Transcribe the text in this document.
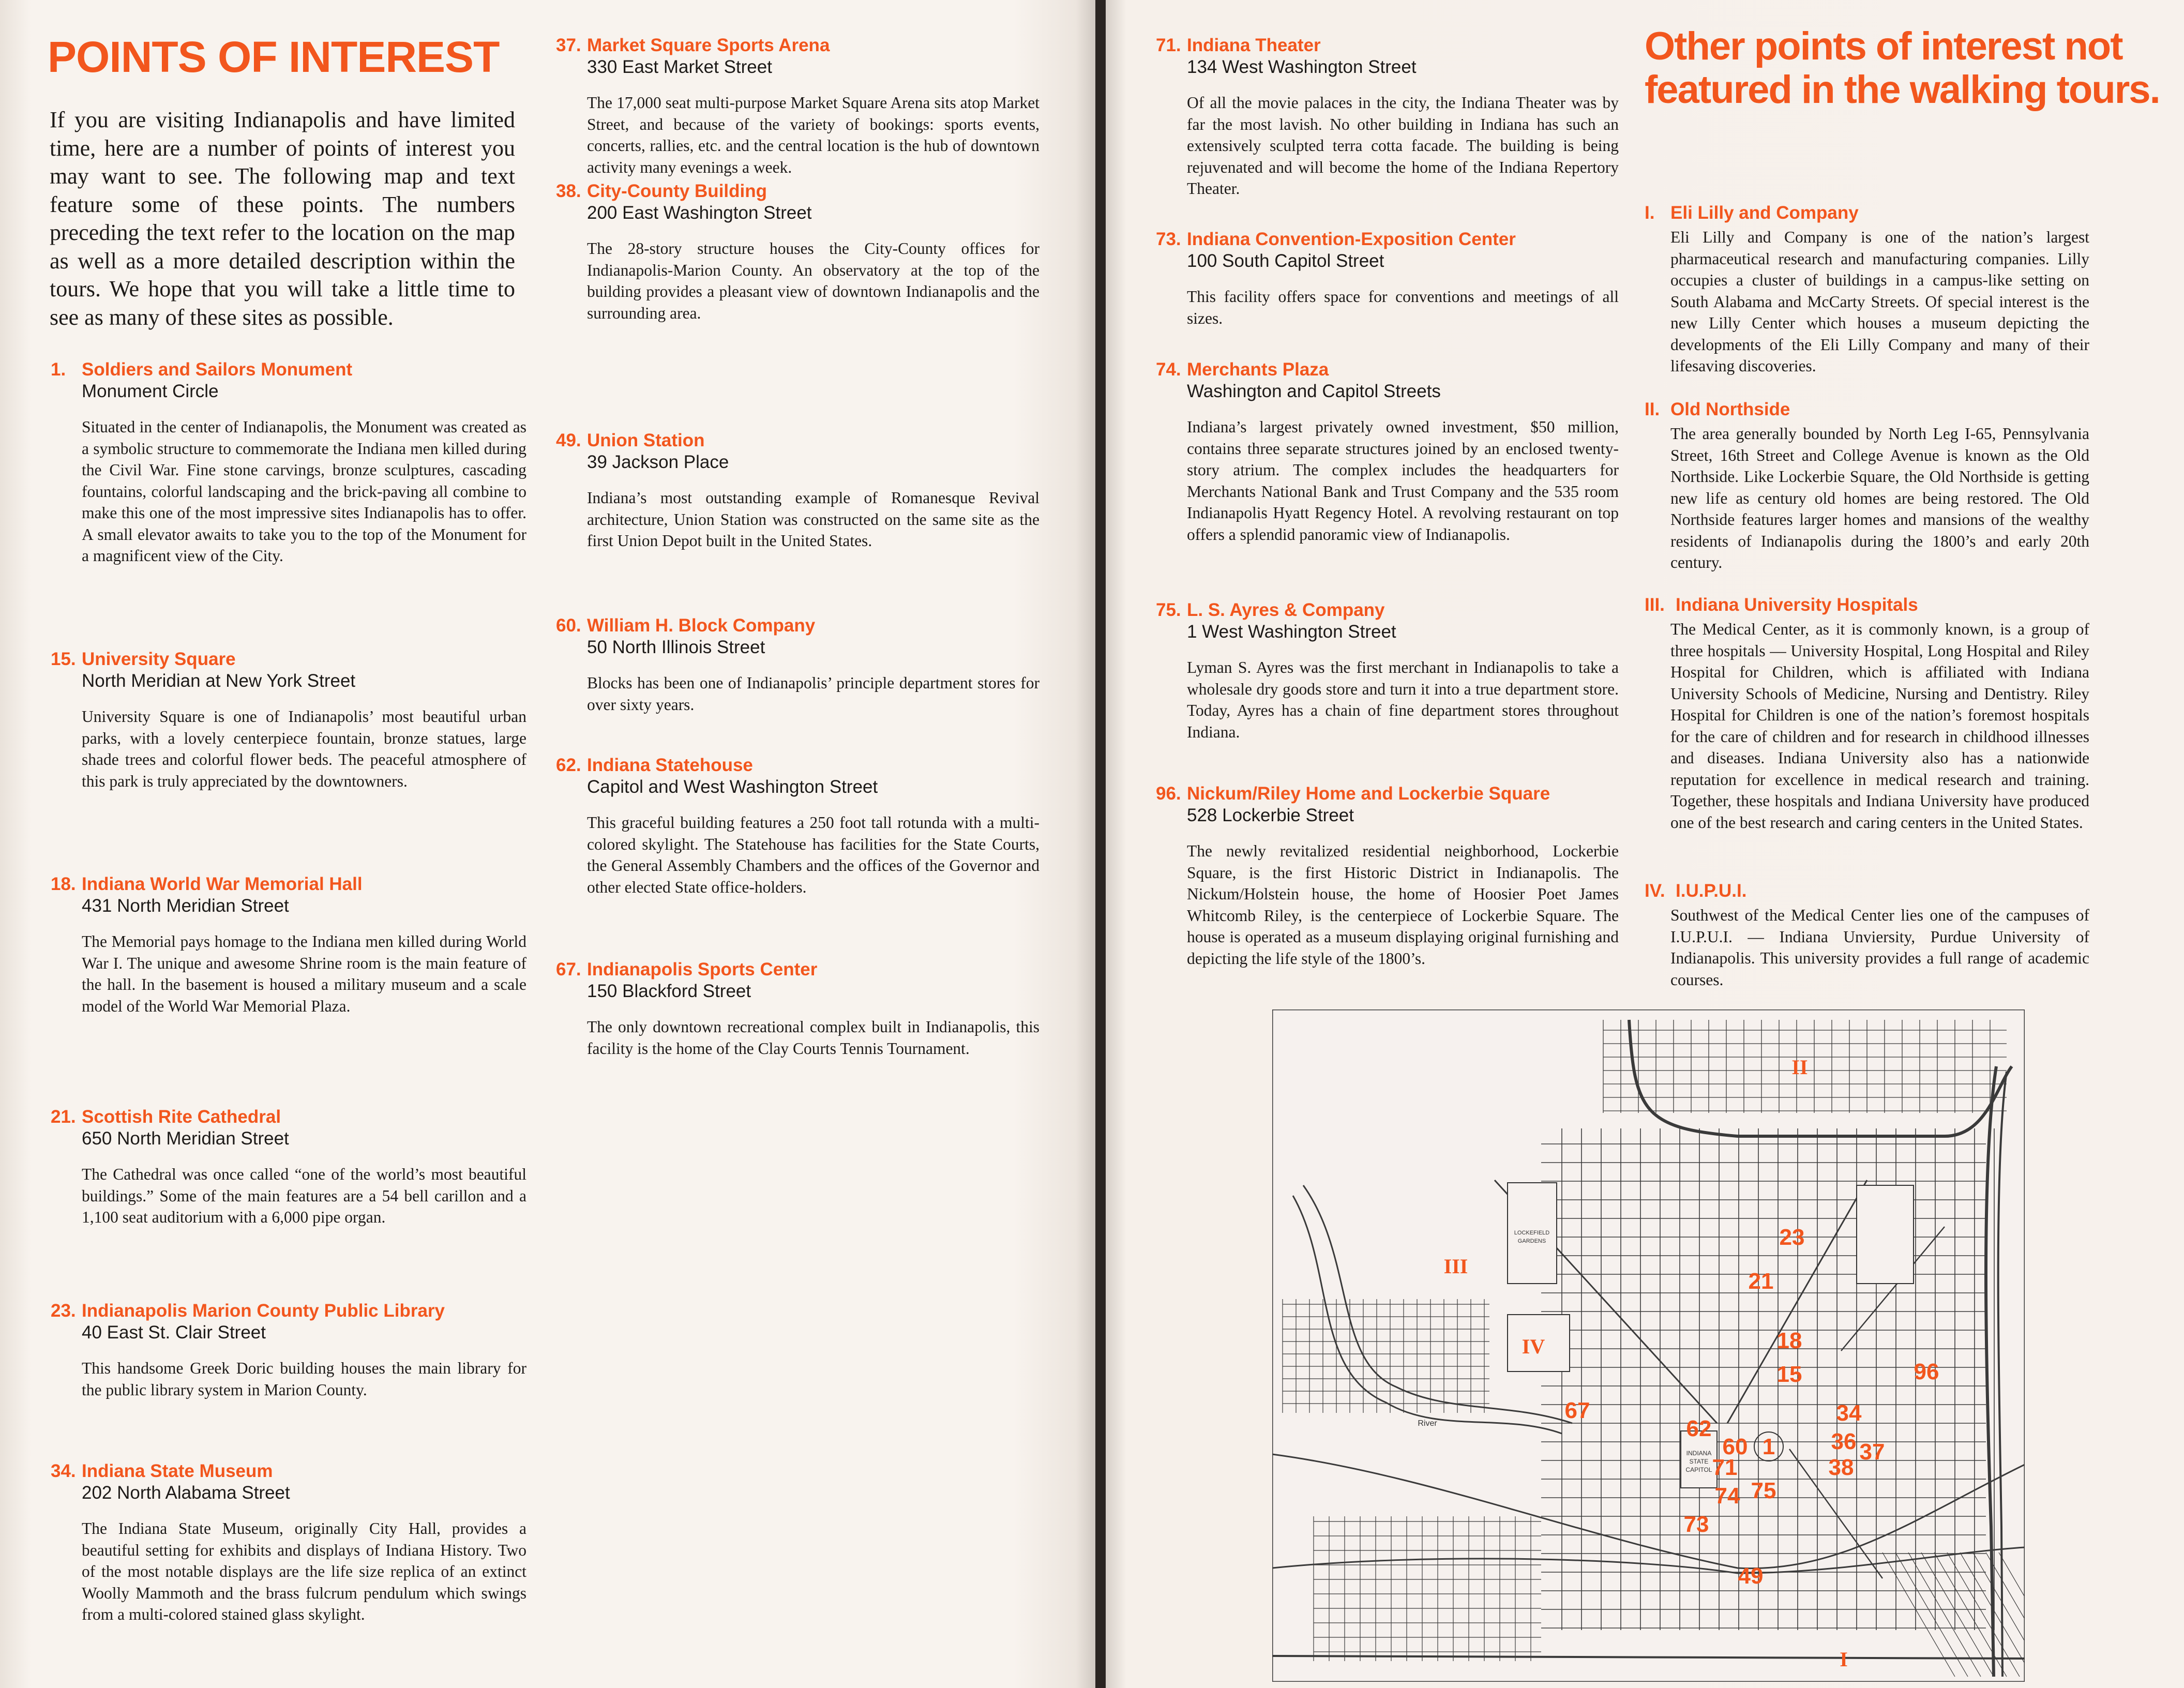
POINTS OF INTEREST
If you are visiting Indianapolis and have limited time, here are a number of points of interest you may want to see. The following map and text feature some of these points. The numbers preceding the text refer to the location on the map as well as a more detailed description within the tours. We hope that you will take a little time to see as many of these sites as possible.
Other points of interest not featured in the walking tours.
1. Soldiers and Sailors Monument
Monument Circle
Situated in the center of Indianapolis, the Monument was created as a symbolic structure to commemorate the Indiana men killed during the Civil War. Fine stone carvings, bronze sculptures, cascading fountains, colorful landscaping and the brick-paving all combine to make this one of the most impressive sites Indianapolis has to offer. A small elevator awaits to take you to the top of the Monument for a magnificent view of the City.
15. University Square
North Meridian at New York Street
University Square is one of Indianapolis’ most beautiful urban parks, with a lovely centerpiece fountain, bronze statues, large shade trees and colorful flower beds. The peaceful atmosphere of this park is truly appreciated by the downtowners.
18. Indiana World War Memorial Hall
431 North Meridian Street
The Memorial pays homage to the Indiana men killed during World War I. The unique and awesome Shrine room is the main feature of the hall. In the basement is housed a military museum and a scale model of the World War Memorial Plaza.
21. Scottish Rite Cathedral
650 North Meridian Street
The Cathedral was once called “one of the world’s most beautiful buildings.” Some of the main features are a 54 bell carillon and a 1,100 seat auditorium with a 6,000 pipe organ.
23. Indianapolis Marion County Public Library
40 East St. Clair Street
This handsome Greek Doric building houses the main library for the public library system in Marion County.
34. Indiana State Museum
202 North Alabama Street
The Indiana State Museum, originally City Hall, provides a beautiful setting for exhibits and displays of Indiana History. Two of the most notable displays are the life size replica of an extinct Woolly Mammoth and the brass fulcrum pendulum which swings from a multi-colored stained glass skylight.
37. Market Square Sports Arena
330 East Market Street
The 17,000 seat multi-purpose Market Square Arena sits atop Market Street, and because of the variety of bookings: sports events, concerts, rallies, etc. and the central location is the hub of downtown activity many evenings a week.
38. City-County Building
200 East Washington Street
The 28-story structure houses the City-County offices for Indianapolis-Marion County. An observatory at the top of the building provides a pleasant view of downtown Indianapolis and the surrounding area.
49. Union Station
39 Jackson Place
Indiana’s most outstanding example of Romanesque Revival architecture, Union Station was constructed on the same site as the first Union Depot built in the United States.
60. William H. Block Company
50 North Illinois Street
Blocks has been one of Indianapolis’ principle department stores for over sixty years.
62. Indiana Statehouse
Capitol and West Washington Street
This graceful building features a 250 foot tall rotunda with a multi-colored skylight. The Statehouse has facilities for the State Courts, the General Assembly Chambers and the offices of the Governor and other elected State office-holders.
67. Indianapolis Sports Center
150 Blackford Street
The only downtown recreational complex built in Indianapolis, this facility is the home of the Clay Courts Tennis Tournament.
71. Indiana Theater
134 West Washington Street
Of all the movie palaces in the city, the Indiana Theater was by far the most lavish. No other building in Indiana has such an extensively sculpted terra cotta facade. The building is being rejuvenated and will become the home of the Indiana Repertory Theater.
73. Indiana Convention-Exposition Center
100 South Capitol Street
This facility offers space for conventions and meetings of all sizes.
74. Merchants Plaza
Washington and Capitol Streets
Indiana’s largest privately owned investment, $50 million, contains three separate structures joined by an enclosed twenty-story atrium. The complex includes the headquarters for Merchants National Bank and Trust Company and the 535 room Indianapolis Hyatt Regency Hotel. A revolving restaurant on top offers a splendid panoramic view of Indianapolis.
75. L. S. Ayres & Company
1 West Washington Street
Lyman S. Ayres was the first merchant in Indianapolis to take a wholesale dry goods store and turn it into a true department store. Today, Ayres has a chain of fine department stores throughout Indiana.
96. Nickum/Riley Home and Lockerbie Square
528 Lockerbie Street
The newly revitalized residential neighborhood, Lockerbie Square, is the first Historic District in Indianapolis. The Nickum/Holstein house, the home of Hoosier Poet James Whitcomb Riley, is the centerpiece of Lockerbie Square. The house is operated as a museum displaying original furnishing and depicting the life style of the 1800’s.
I. Eli Lilly and Company
Eli Lilly and Company is one of the nation’s largest pharmaceutical research and manufacturing companies. Lilly occupies a cluster of buildings in a campus-like setting on South Alabama and McCarty Streets. Of special interest is the new Lilly Center which houses a museum depicting the developments of the Eli Lilly Company and many of their lifesaving discoveries.
II. Old Northside
The area generally bounded by North Leg I-65, Pennsylvania Street, 16th Street and College Avenue is known as the Old Northside. Like Lockerbie Square, the Old Northside is getting new life as century old homes are being restored. The Old Northside features larger homes and mansions of the wealthy residents of Indianapolis during the 1800’s and early 20th century.
III. Indiana University Hospitals
The Medical Center, as it is commonly known, is a group of three hospitals — University Hospital, Long Hospital and Riley Hospital for Children, which is affiliated with Indiana University Schools of Medicine, Nursing and Dentistry. Riley Hospital for Children is one of the nation’s foremost hospitals for the care of children and for research in childhood illnesses and diseases. Indiana University also has a nationwide reputation for excellence in medical research and training. Together, these hospitals and Indiana University have produced one of the best research and caring centers in the United States.
IV. I.U.P.U.I.
Southwest of the Medical Center lies one of the campuses of I.U.P.U.I. — Indiana Unviersity, Purdue University of Indianapolis. This university provides a full range of academic courses.
1
15
18
21
23
34
36 37
38
49
60
62
67
71
73
74 75
96
I
II
III
IV
INDIANA
STATE
CAPITOL
LOCKEFIELD
GARDENS
River
